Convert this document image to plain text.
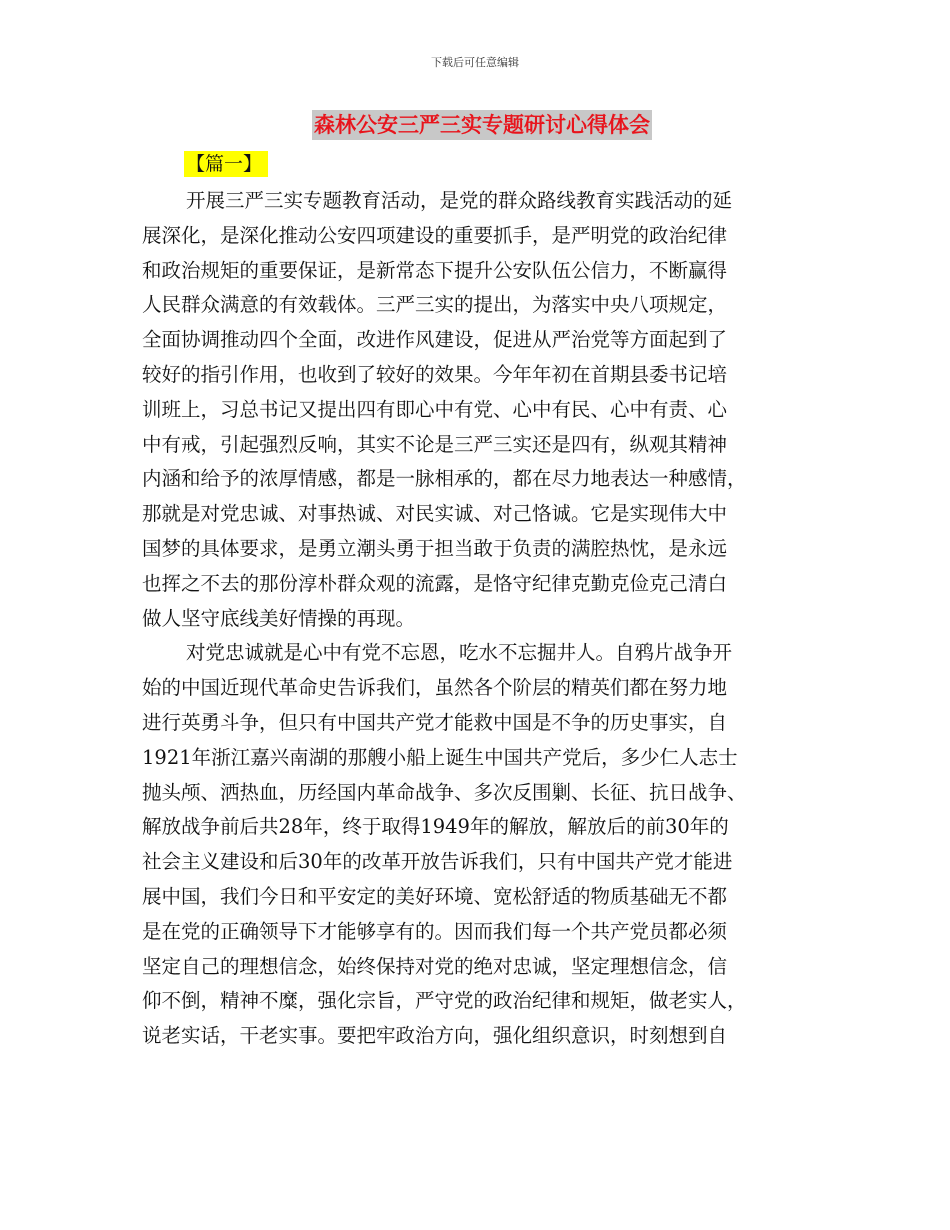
下载后可任意编辑
森林公安三严三实专题研讨心得体会
【篇一】

开展三严三实专题教育活动，是党的群众路线教育实践活动的延
展深化，是深化推动公安四项建设的重要抓手，是严明党的政治纪律
和政治规矩的重要保证，是新常态下提升公安队伍公信力，不断赢得
人民群众满意的有效载体。三严三实的提出，为落实中央八项规定，
全面协调推动四个全面，改进作风建设，促进从严治党等方面起到了
较好的指引作用，也收到了较好的效果。今年年初在首期县委书记培
训班上，习总书记又提出四有即心中有党、心中有民、心中有责、心
中有戒，引起强烈反响，其实不论是三严三实还是四有，纵观其精神
内涵和给予的浓厚情感，都是一脉相承的，都在尽力地表达一种感情，
那就是对党忠诚、对事热诚、对民实诚、对己恪诚。它是实现伟大中
国梦的具体要求，是勇立潮头勇于担当敢于负责的满腔热忱，是永远
也挥之不去的那份淳朴群众观的流露，是恪守纪律克勤克俭克己清白
做人坚守底线美好情操的再现。

对党忠诚就是心中有党不忘恩，吃水不忘掘井人。自鸦片战争开
始的中国近现代革命史告诉我们，虽然各个阶层的精英们都在努力地
进行英勇斗争，但只有中国共产党才能救中国是不争的历史事实，自
1921年浙江嘉兴南湖的那艘小船上诞生中国共产党后，多少仁人志士
抛头颅、洒热血，历经国内革命战争、多次反围剿、长征、抗日战争、
解放战争前后共28年，终于取得1949年的解放，解放后的前30年的
社会主义建设和后30年的改革开放告诉我们，只有中国共产党才能进
展中国，我们今日和平安定的美好环境、宽松舒适的物质基础无不都
是在党的正确领导下才能够享有的。因而我们每一个共产党员都必须
坚定自己的理想信念，始终保持对党的绝对忠诚，坚定理想信念，信
仰不倒，精神不糜，强化宗旨，严守党的政治纪律和规矩，做老实人，
说老实话，干老实事。要把牢政治方向，强化组织意识，时刻想到自
